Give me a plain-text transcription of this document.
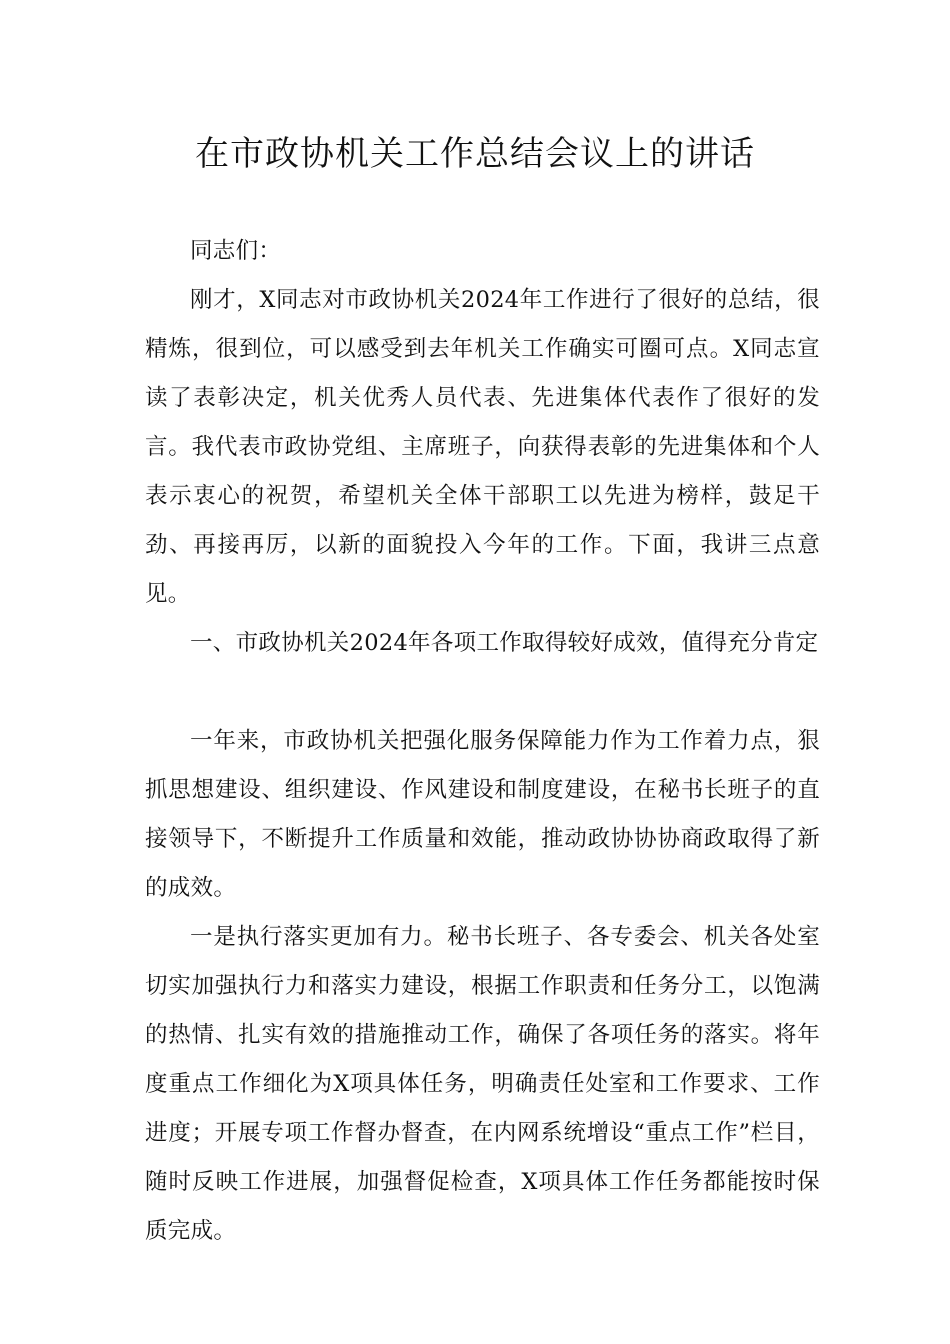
在市政协机关工作总结会议上的讲话

同志们：

刚才，X同志对市政协机关2024年工作进行了很好的总结，很精炼，很到位，可以感受到去年机关工作确实可圈可点。X同志宣读了表彰决定，机关优秀人员代表、先进集体代表作了很好的发言。我代表市政协党组、主席班子，向获得表彰的先进集体和个人表示衷心的祝贺，希望机关全体干部职工以先进为榜样，鼓足干劲、再接再厉，以新的面貌投入今年的工作。下面，我讲三点意见。

一、市政协机关2024年各项工作取得较好成效，值得充分肯定

一年来，市政协机关把强化服务保障能力作为工作着力点，狠抓思想建设、组织建设、作风建设和制度建设，在秘书长班子的直接领导下，不断提升工作质量和效能，推动政协协协商政取得了新的成效。

一是执行落实更加有力。秘书长班子、各专委会、机关各处室切实加强执行力和落实力建设，根据工作职责和任务分工，以饱满的热情、扎实有效的措施推动工作，确保了各项任务的落实。将年度重点工作细化为X项具体任务，明确责任处室和工作要求、工作进度；开展专项工作督办督查，在内网系统增设“重点工作”栏目，随时反映工作进展，加强督促检查，X项具体工作任务都能按时保质完成。
